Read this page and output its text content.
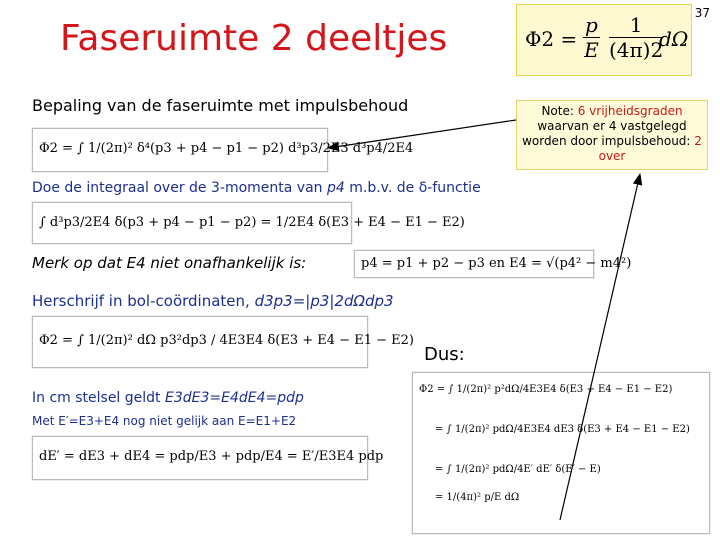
Faseruimte 2 deeltjes
37
$\Phi 2 = \frac{p}{E} \frac{1}{(4\pi)2}$
dΩ
Bepaling van de faseruimte met impulsbehoud
Φ2 = ∫ 1/(2π)² δ⁴(p3 + p4 − p1 − p2) d³p3/2E3 d³p4/2E4
Note: 6 vrijheidsgraden waarvan er 4 vastgelegd worden door impulsbehoud: 2 over
Doe de integraal over de 3-momenta van p4 m.b.v. de δ-functie
∫ d³p3/2E4 δ(p3 + p4 − p1 − p2) = 1/2E4 δ(E3 + E4 − E1 − E2)
Merk op dat E4 niet onafhankelijk is:	p4 = p1 + p2 − p3 en E4 = √(p4² − m4²)
Herschrijf in bol-coördinaten, d3p3=|p3|2dΩdp3
Φ2 = ∫ 1/(2π)² dΩ p3²dp3 / 4E3E4 δ(E3 + E4 − E1 − E2)
Dus:
In cm stelsel geldt E3dE3=E4dE4=pdp
Met E′=E3+E4 nog niet gelijk aan E=E1+E2
dE′ = dE3 + dE4 = pdp/E3 + pdp/E4 = E′/E3E4 pdp
Φ2 = ∫ 1/(2π)² p²dΩ/4E3E4 δ(E3 + E4 − E1 − E2)
= ∫ 1/(2π)² pdΩ/4E3E4 dE3 δ(E3 + E4 − E1 − E2)
= ∫ 1/(2π)² pdΩ/4E′ dE′ δ(E′ − E)
= 1/(4π)² p/E dΩ
